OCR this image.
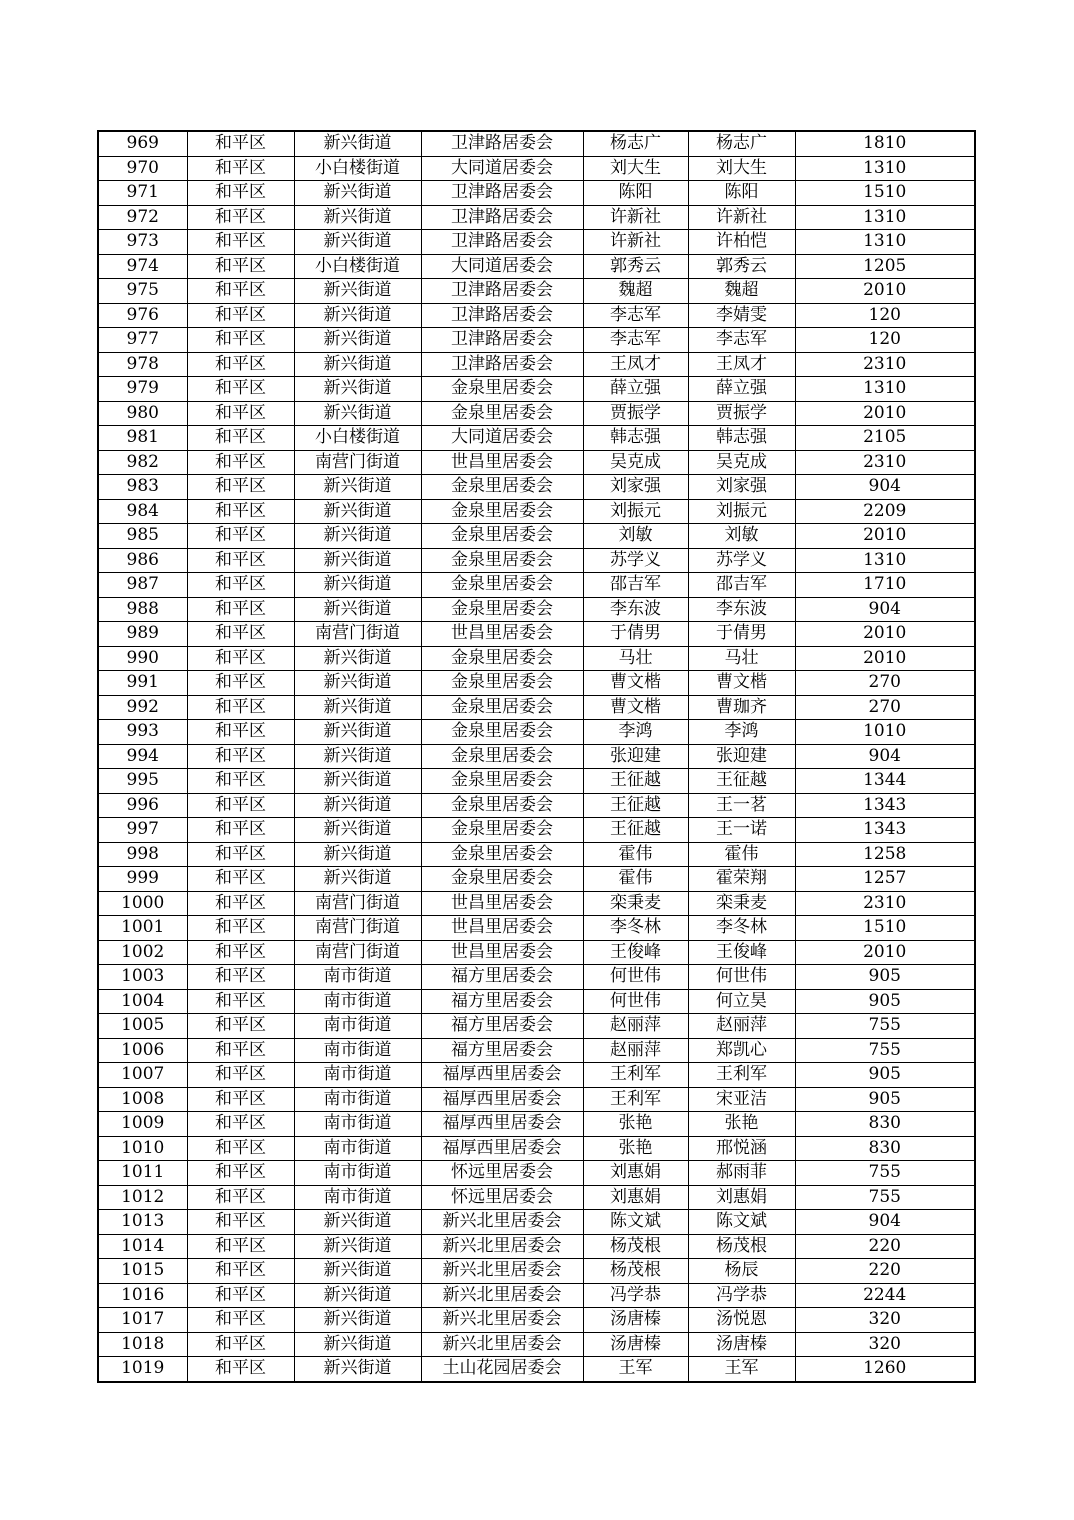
969	和平区	新兴街道	卫津路居委会	杨志广	杨志广	1810
970	和平区	小白楼街道	大同道居委会	刘大生	刘大生	1310
971	和平区	新兴街道	卫津路居委会	陈阳	陈阳	1510
972	和平区	新兴街道	卫津路居委会	许新社	许新社	1310
973	和平区	新兴街道	卫津路居委会	许新社	许柏恺	1310
974	和平区	小白楼街道	大同道居委会	郭秀云	郭秀云	1205
975	和平区	新兴街道	卫津路居委会	魏超	魏超	2010
976	和平区	新兴街道	卫津路居委会	李志军	李婧雯	120
977	和平区	新兴街道	卫津路居委会	李志军	李志军	120
978	和平区	新兴街道	卫津路居委会	王凤才	王凤才	2310
979	和平区	新兴街道	金泉里居委会	薛立强	薛立强	1310
980	和平区	新兴街道	金泉里居委会	贾振学	贾振学	2010
981	和平区	小白楼街道	大同道居委会	韩志强	韩志强	2105
982	和平区	南营门街道	世昌里居委会	吴克成	吴克成	2310
983	和平区	新兴街道	金泉里居委会	刘家强	刘家强	904
984	和平区	新兴街道	金泉里居委会	刘振元	刘振元	2209
985	和平区	新兴街道	金泉里居委会	刘敏	刘敏	2010
986	和平区	新兴街道	金泉里居委会	苏学义	苏学义	1310
987	和平区	新兴街道	金泉里居委会	邵吉军	邵吉军	1710
988	和平区	新兴街道	金泉里居委会	李东波	李东波	904
989	和平区	南营门街道	世昌里居委会	于倩男	于倩男	2010
990	和平区	新兴街道	金泉里居委会	马壮	马壮	2010
991	和平区	新兴街道	金泉里居委会	曹文楷	曹文楷	270
992	和平区	新兴街道	金泉里居委会	曹文楷	曹珈齐	270
993	和平区	新兴街道	金泉里居委会	李鸿	李鸿	1010
994	和平区	新兴街道	金泉里居委会	张迎建	张迎建	904
995	和平区	新兴街道	金泉里居委会	王征越	王征越	1344
996	和平区	新兴街道	金泉里居委会	王征越	王一茗	1343
997	和平区	新兴街道	金泉里居委会	王征越	王一诺	1343
998	和平区	新兴街道	金泉里居委会	霍伟	霍伟	1258
999	和平区	新兴街道	金泉里居委会	霍伟	霍荣翔	1257
1000	和平区	南营门街道	世昌里居委会	栾秉麦	栾秉麦	2310
1001	和平区	南营门街道	世昌里居委会	李冬林	李冬林	1510
1002	和平区	南营门街道	世昌里居委会	王俊峰	王俊峰	2010
1003	和平区	南市街道	福方里居委会	何世伟	何世伟	905
1004	和平区	南市街道	福方里居委会	何世伟	何立昊	905
1005	和平区	南市街道	福方里居委会	赵丽萍	赵丽萍	755
1006	和平区	南市街道	福方里居委会	赵丽萍	郑凯心	755
1007	和平区	南市街道	福厚西里居委会	王利军	王利军	905
1008	和平区	南市街道	福厚西里居委会	王利军	宋亚洁	905
1009	和平区	南市街道	福厚西里居委会	张艳	张艳	830
1010	和平区	南市街道	福厚西里居委会	张艳	邢悦涵	830
1011	和平区	南市街道	怀远里居委会	刘惠娟	郝雨菲	755
1012	和平区	南市街道	怀远里居委会	刘惠娟	刘惠娟	755
1013	和平区	新兴街道	新兴北里居委会	陈文斌	陈文斌	904
1014	和平区	新兴街道	新兴北里居委会	杨茂根	杨茂根	220
1015	和平区	新兴街道	新兴北里居委会	杨茂根	杨辰	220
1016	和平区	新兴街道	新兴北里居委会	冯学恭	冯学恭	2244
1017	和平区	新兴街道	新兴北里居委会	汤唐榛	汤悦恩	320
1018	和平区	新兴街道	新兴北里居委会	汤唐榛	汤唐榛	320
1019	和平区	新兴街道	土山花园居委会	王军	王军	1260
